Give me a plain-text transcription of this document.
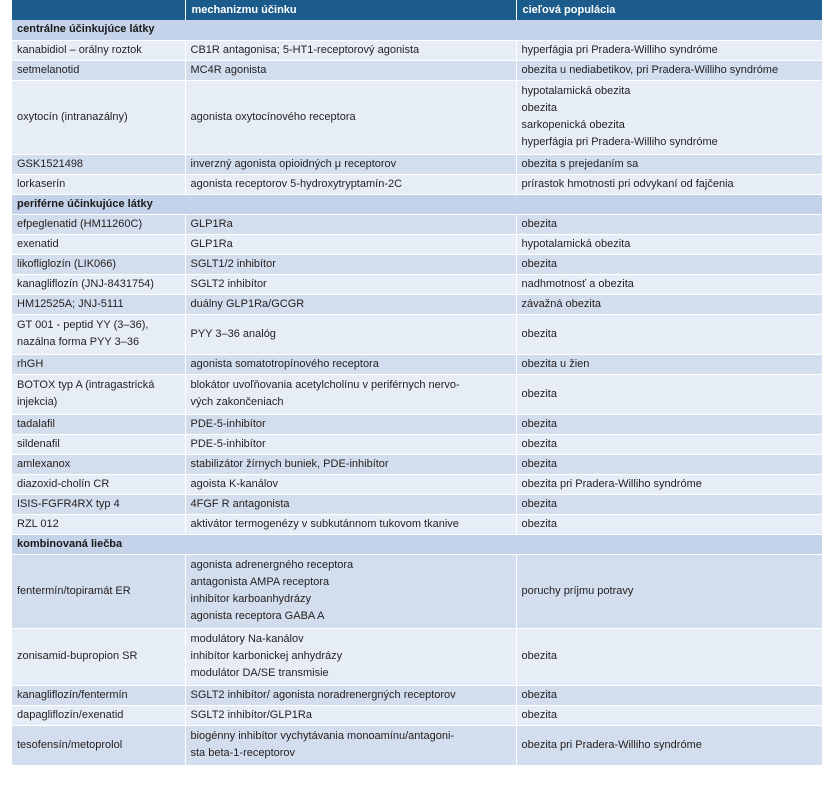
	mechanizmu účinku	cieľová populácia
centrálne účinkujúce látky		

kanabidiol – orálny roztok	CB1R antagonisa; 5-HT1-receptorový agonista	hyperfágia pri Pradera-Williho syndróme

setmelanotid	MC4R agonista	obezita u nediabetikov, pri Pradera-Williho syndróme

oxytocín (intranazálny)	agonista oxytocínového receptora	hypotalamická obezita
obezita
sarkopenická obezita
hyperfágia pri Pradera-Williho syndróme

GSK1521498	inverzný agonista opioidných μ receptorov	obezita s prejedaním sa

lorkaserín	agonista receptorov 5-hydroxytryptamín-2C	prírastok hmotnosti pri odvykaní od fajčenia

periférne účinkujúce látky		

efpeglenatid (HM11260C)	GLP1Ra	obezita

exenatid	GLP1Ra	hypotalamická obezita

likofliglozín (LIK066)	SGLT1/2 inhibítor	obezita

kanagliflozín (JNJ-8431754)	SGLT2 inhibítor	nadhmotnosť a obezita

HM12525A; JNJ-5111	duálny GLP1Ra/GCGR	závažná obezita

GT 001 - peptid YY (3–36),
nazálna forma PYY 3–36	PYY 3–36 analóg	obezita

rhGH	agonista somatotropínového receptora	obezita u žien

BOTOX typ A (intragastrická
injekcia)	blokátor uvoľňovania acetylcholínu v periférnych nervo-
vých zakončeniach	obezita

tadalafil	PDE-5-inhibítor	obezita

sildenafil	PDE-5-inhibítor	obezita

amlexanox	stabilizátor žírnych buniek, PDE-inhibítor	obezita

diazoxid-cholín CR	agoista K-kanálov	obezita pri Pradera-Williho syndróme

ISIS-FGFR4RX typ 4	4FGF R antagonista	obezita

RZL 012	aktivátor termogenézy v subkutánnom tukovom tkanive	obezita

kombinovaná liečba		

fentermín/topiramát ER	agonista adrenergného receptora
antagonista AMPA receptora
inhibítor karboanhydrázy
agonista receptora GABA A	poruchy príjmu potravy

zonisamid-bupropion SR	modulátory Na-kanálov
inhibítor karbonickej anhydrázy
modulátor DA/SE transmisie	obezita

kanagliflozín/fentermín	SGLT2 inhibítor/ agonista noradrenergných receptorov	obezita

dapagliflozín/exenatid	SGLT2 inhibítor/GLP1Ra	obezita

tesofensín/metoprolol	biogénny inhibítor vychytávania monoamínu/antagoni-
sta beta-1-receptorov	obezita pri Pradera-Williho syndróme
